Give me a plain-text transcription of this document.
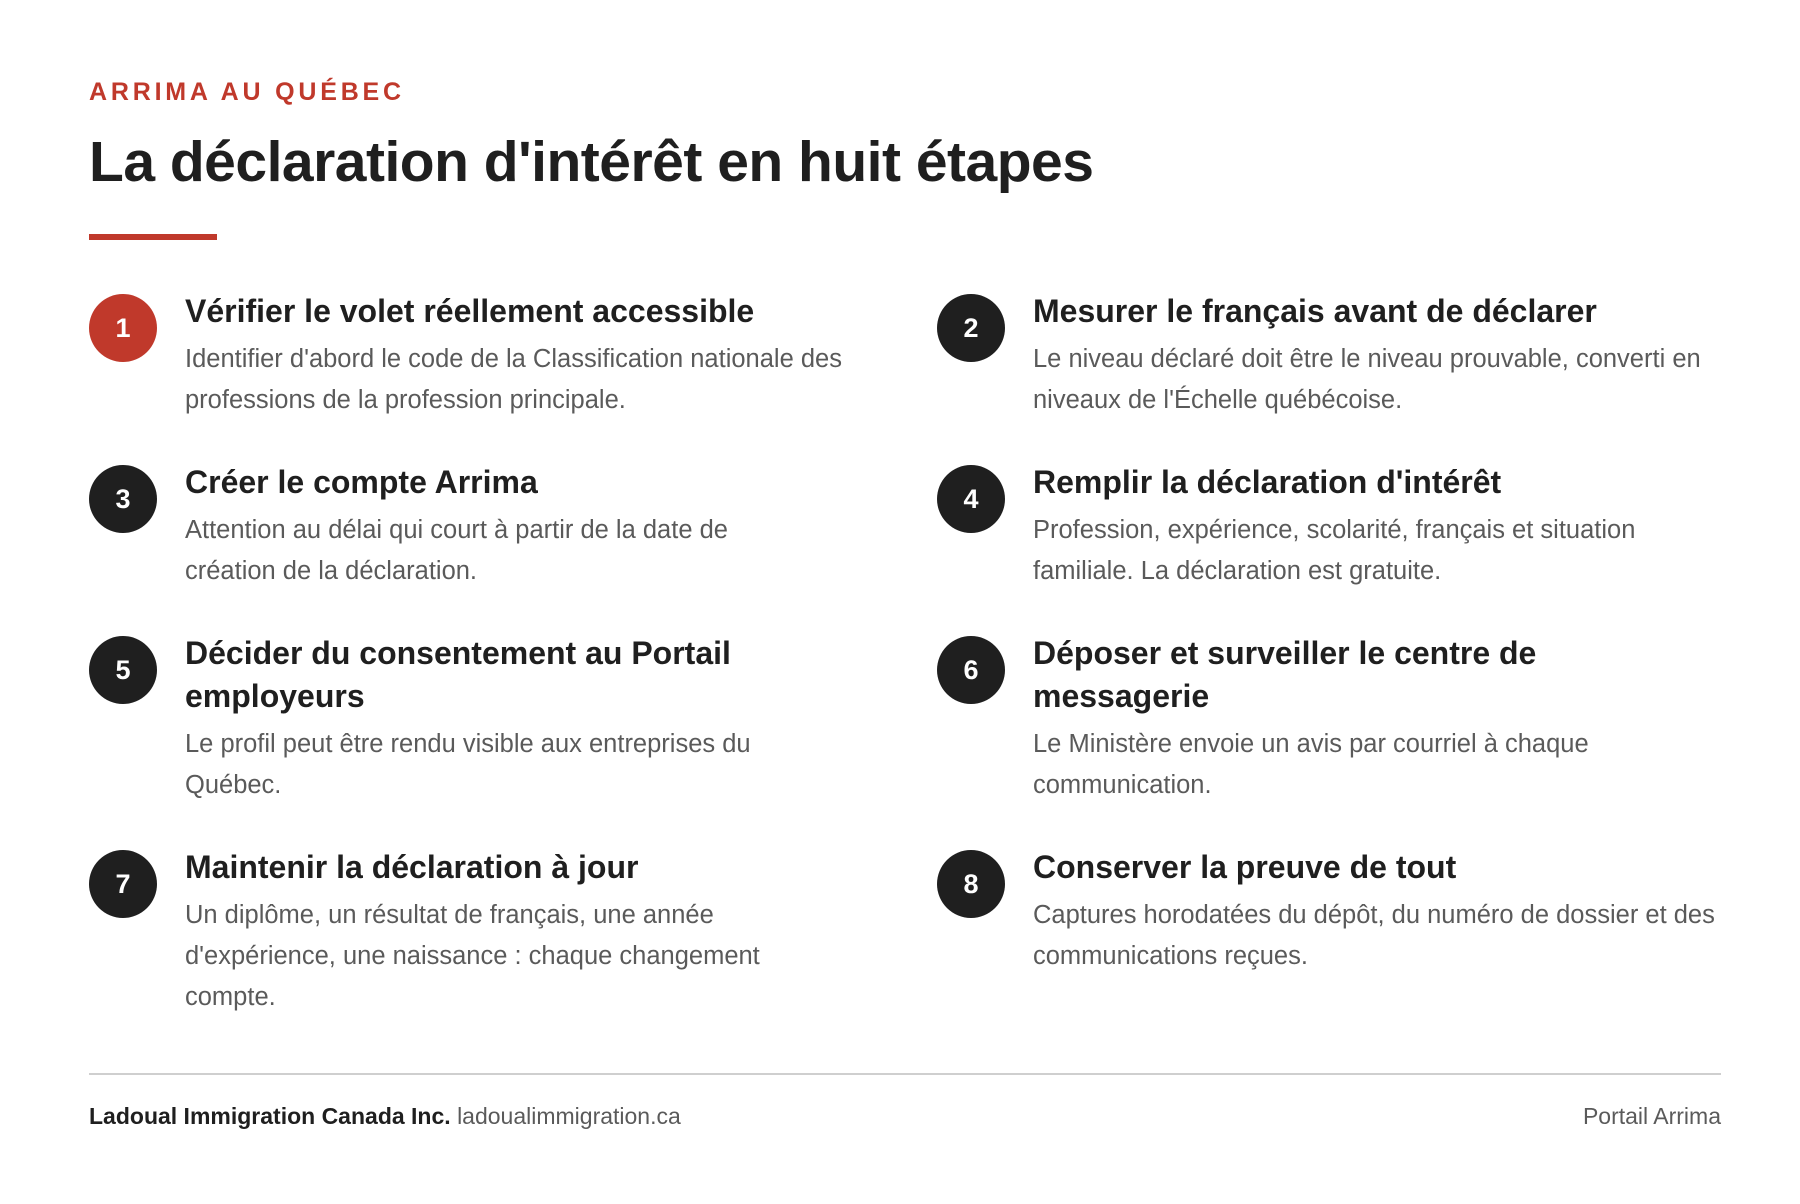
ARRIMA AU QUÉBEC
La déclaration d'intérêt en huit étapes
1	Vérifier le volet réellement accessible

Identifier d'abord le code de la Classification nationale des professions de la profession principale.

2	Mesurer le français avant de déclarer

Le niveau déclaré doit être le niveau prouvable, converti en niveaux de l'Échelle québécoise.

3	Créer le compte Arrima

Attention au délai qui court à partir de la date de création de la déclaration.

4	Remplir la déclaration d'intérêt

Profession, expérience, scolarité, français et situation familiale. La déclaration est gratuite.

5	Décider du consentement au Portail employeurs

Le profil peut être rendu visible aux entreprises du Québec.

6	Déposer et surveiller le centre de messagerie

Le Ministère envoie un avis par courriel à chaque communication.

7	Maintenir la déclaration à jour

Un diplôme, un résultat de français, une année d'expérience, une naissance : chaque changement compte.

8	Conserver la preuve de tout

Captures horodatées du dépôt, du numéro de dossier et des communications reçues.

Ladoual Immigration Canada Inc. ladoualimmigration.ca	Portail Arrima
